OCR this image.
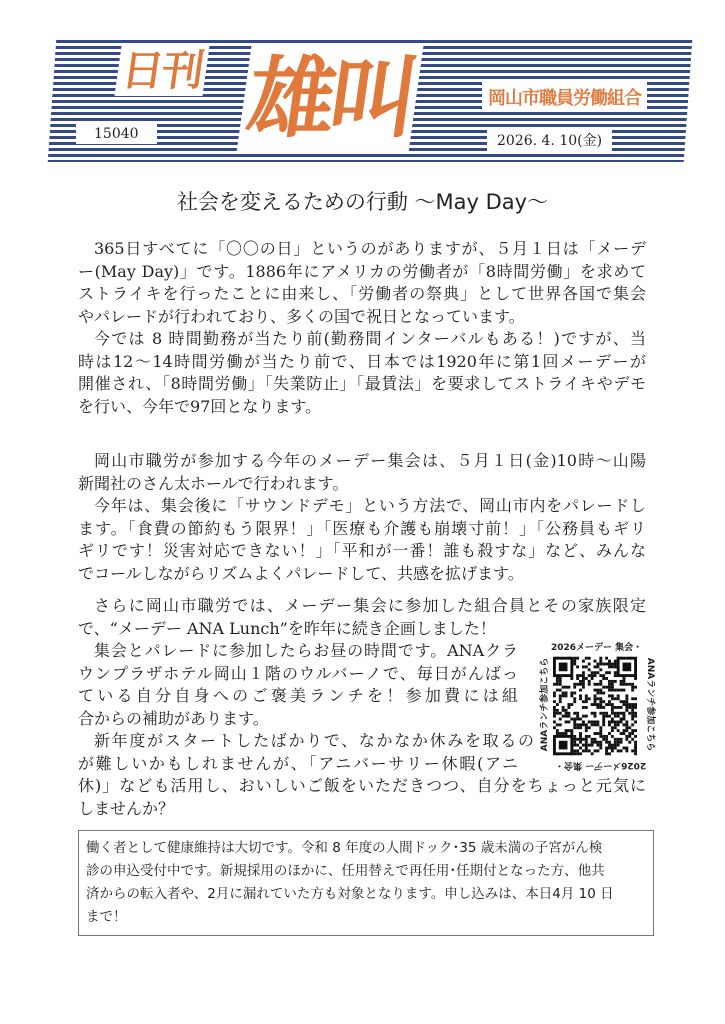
日刊 雄叫	岡山市職員労働組合
15040	2026. 4. 10(金)
社会を変えるための行動 ～May Day～
365日すべてに「〇〇の日」というのがありますが、５月１日は「メーデ
ー(May Day)」です。1886年にアメリカの労働者が「8時間労働」を求めて
ストライキを行ったことに由来し、「労働者の祭典」として世界各国で集会
やパレードが行われており、多くの国で祝日となっています。
今では 8 時間勤務が当たり前(勤務間インターバルもある！)ですが、当
時は12～14時間労働が当たり前で、日本では1920年に第1回メーデーが
開催され、「8時間労働」「失業防止」「最賃法」を要求してストライキやデモ
を行い、今年で97回となります。
岡山市職労が参加する今年のメーデー集会は、５月１日(金)10時～山陽
新聞社のさん太ホールで行われます。
今年は、集会後に「サウンドデモ」という方法で、岡山市内をパレードし
ます。「食費の節約もう限界！」「医療も介護も崩壊寸前！」「公務員もギリ
ギリです！災害対応できない！」「平和が一番！誰も殺すな」など、みんな
でコールしながらリズムよくパレードして、共感を拡げます。
さらに岡山市職労では、メーデー集会に参加した組合員とその家族限定
で、“メーデー ANA Lunch”を昨年に続き企画しました！
集会とパレードに参加したらお昼の時間です。ANAクラ
ウンプラザホテル岡山１階のウルバーノで、毎日がんばっ
ている自分自身へのご褒美ランチを！参加費には組
合からの補助があります。
新年度がスタートしたばかりで、なかなか休みを取るの
が難しいかもしれませんが、「アニバーサリー休暇(アニ
休)」なども活用し、おいしいご飯をいただきつつ、自分をちょっと元気に
しませんか？
2026メーデー 集会・
ANAランチ参加こちら
2026メーデー 集会・
ANAランチ参加こちら
働く者として健康維持は大切です。令和 8 年度の人間ドック･35 歳未満の子宮がん検
診の申込受付中です。新規採用のほかに、任用替えで再任用･任期付となった方、他共
済からの転入者や、2月に漏れていた方も対象となります。申し込みは、本日4月 10 日
まで！
